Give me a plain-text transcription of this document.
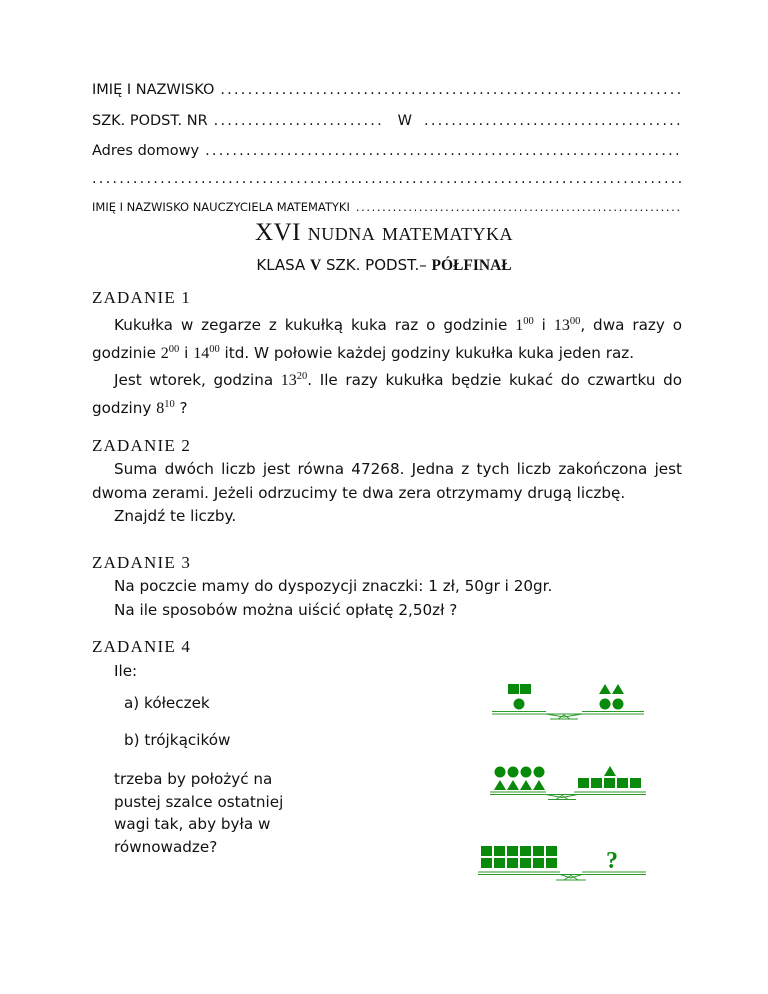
IMIĘ I NAZWISKO
.....
SZK. PODST. NR .....	W
.....
Adres domowy
.....
.....
IMIĘ I NAZWISKO NAUCZYCIELA MATEMATYKI
.....
XVI nudna matematyka
KLASA V SZK. PODST.– PÓŁFINAŁ
ZADANIE 1

Kukułka w zegarze z kukułką kuka raz o godzinie $1^{00}$ i $13^{00}$, dwa razy o godzinie $2^{00}$ i $14^{00}$ itd. W połowie każdej godziny kukułka kuka jeden raz.

Jest wtorek, godzina $13^{20}$. Ile razy kukułka będzie kukać do czwartku do godziny $8^{10}$ ?

ZADANIE 2

Suma dwóch liczb jest równa 47268. Jedna z tych liczb zakończona jest dwoma zerami. Jeżeli odrzucimy te dwa zera otrzymamy drugą liczbę.

Znajdź te liczby.

ZADANIE 3

Na poczcie mamy do dyspozycji znaczki: 1 zł, 50gr i 20gr.

Na ile sposobów można uiścić opłatę 2,50zł ?

ZADANIE 4
Ile:
a) kółeczek
b) trójkącików
trzeba by położyć na pustej szalce ostatniej wagi tak, aby była w równowadze?
?
